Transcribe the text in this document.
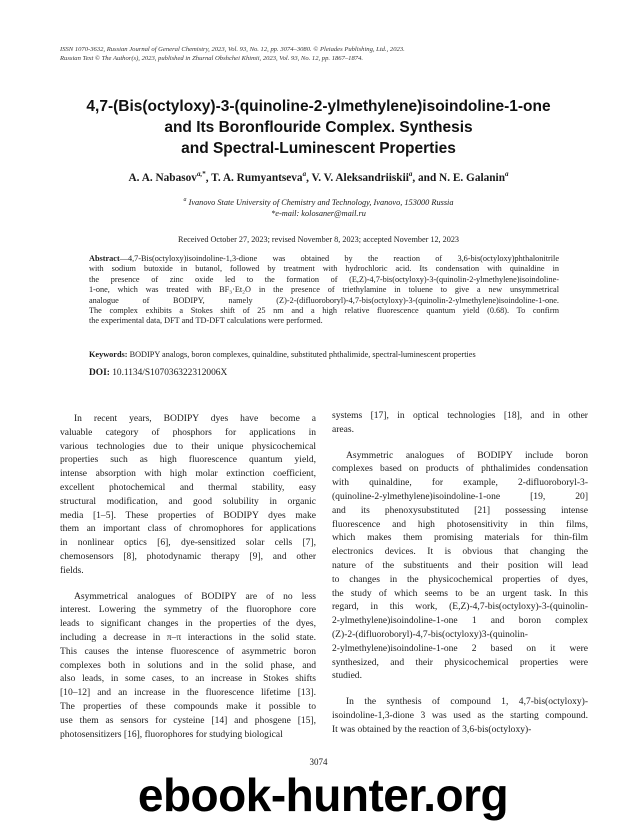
ISSN 1070-3632, Russian Journal of General Chemistry, 2023, Vol. 93, No. 12, pp. 3074–3080. © Pleiades Publishing, Ltd., 2023.
Russian Text © The Author(s), 2023, published in Zhurnal Obshchei Khimii, 2023, Vol. 93, No. 12, pp. 1867–1874.
4,7-(Bis(octyloxy)-3-(quinoline-2-ylmethylene)isoindoline-1-one
and Its Boronflouride Complex. Synthesis
and Spectral-Luminescent Properties
A. A. Nabasov$^{a,*}$, T. A. Rumyantseva$^a$, V. V. Aleksandriiskii$^a$, and N. E. Galanin$^a$
$^a$ Ivanovo State University of Chemistry and Technology, Ivanovo, 153000 Russia
*e-mail: kolosaner@mail.ru
Received October 27, 2023; revised November 8, 2023; accepted November 12, 2023
Abstract—4,7-Bis(octyloxy)isoindoline-1,3-dione was obtained by the reaction of 3,6-bis(octyloxy)phthalonitrile
with sodium butoxide in butanol, followed by treatment with hydrochloric acid. Its condensation with quinaldine in
the presence of zinc oxide led to the formation of (E,Z)-4,7-bis(octyloxy)-3-(quinolin-2-ylmethylene)isoindoline-
1-one, which was treated with BF₃·Et₂O in the presence of triethylamine in toluene to give a new unsymmetrical
analogue of BODIPY, namely (Z)-2-(difluoroboryl)-4,7-bis(octyloxy)-3-(quinolin-2-ylmethylene)isoindoline-1-one.
The complex exhibits a Stokes shift of 25 nm and a high relative fluorescence quantum yield (0.68). To confirm
the experimental data, DFT and TD-DFT calculations were performed.
Keywords: BODIPY analogs, boron complexes, quinaldine, substituted phthalimide, spectral-luminescent properties
DOI: 10.1134/S107036322312006X
In recent years, BODIPY dyes have become a
valuable category of phosphors for applications in
various technologies due to their unique physicochemical
properties such as high fluorescence quantum yield,
intense absorption with high molar extinction coefficient,
excellent photochemical and thermal stability, easy
structural modification, and good solubility in organic
media [1–5]. These properties of BODIPY dyes make
them an important class of chromophores for applications
in nonlinear optics [6], dye-sensitized solar cells [7],
chemosensors [8], photodynamic therapy [9], and other
fields.
Asymmetrical analogues of BODIPY are of no less
interest. Lowering the symmetry of the fluorophore core
leads to significant changes in the properties of the dyes,
including a decrease in π–π interactions in the solid state.
This causes the intense fluorescence of asymmetric boron
complexes both in solutions and in the solid phase, and
also leads, in some cases, to an increase in Stokes shifts
[10–12] and an increase in the fluorescence lifetime [13].
The properties of these compounds make it possible to
use them as sensors for cysteine [14] and phosgene [15],
photosensitizers [16], fluorophores for studying biological
systems [17], in optical technologies [18], and in other
areas.
Asymmetric analogues of BODIPY include boron
complexes based on products of phthalimides condensation
with quinaldine, for example, 2-difluoroboryl-3-
(quinoline-2-ylmethylene)isoindoline-1-one [19, 20]
and its phenoxysubstituted [21] possessing intense
fluorescence and high photosensitivity in thin films,
which makes them promising materials for thin-film
electronics devices. It is obvious that changing the
nature of the substituents and their position will lead
to changes in the physicochemical properties of dyes,
the study of which seems to be an urgent task. In this
regard, in this work, (E,Z)-4,7-bis(octyloxy)-3-(quinolin-
2-ylmethylene)isoindoline-1-one 1 and boron complex
(Z)-2-(difluoroboryl)-4,7-bis(octyloxy)3-(quinolin-
2-ylmethylene)isoindoline-1-one 2 based on it were
synthesized, and their physicochemical properties were
studied.
In the synthesis of compound 1, 4,7-bis(octyloxy)-
isoindoline-1,3-dione 3 was used as the starting compound.
It was obtained by the reaction of 3,6-bis(octyloxy)-
3074
ebook-hunter.org
